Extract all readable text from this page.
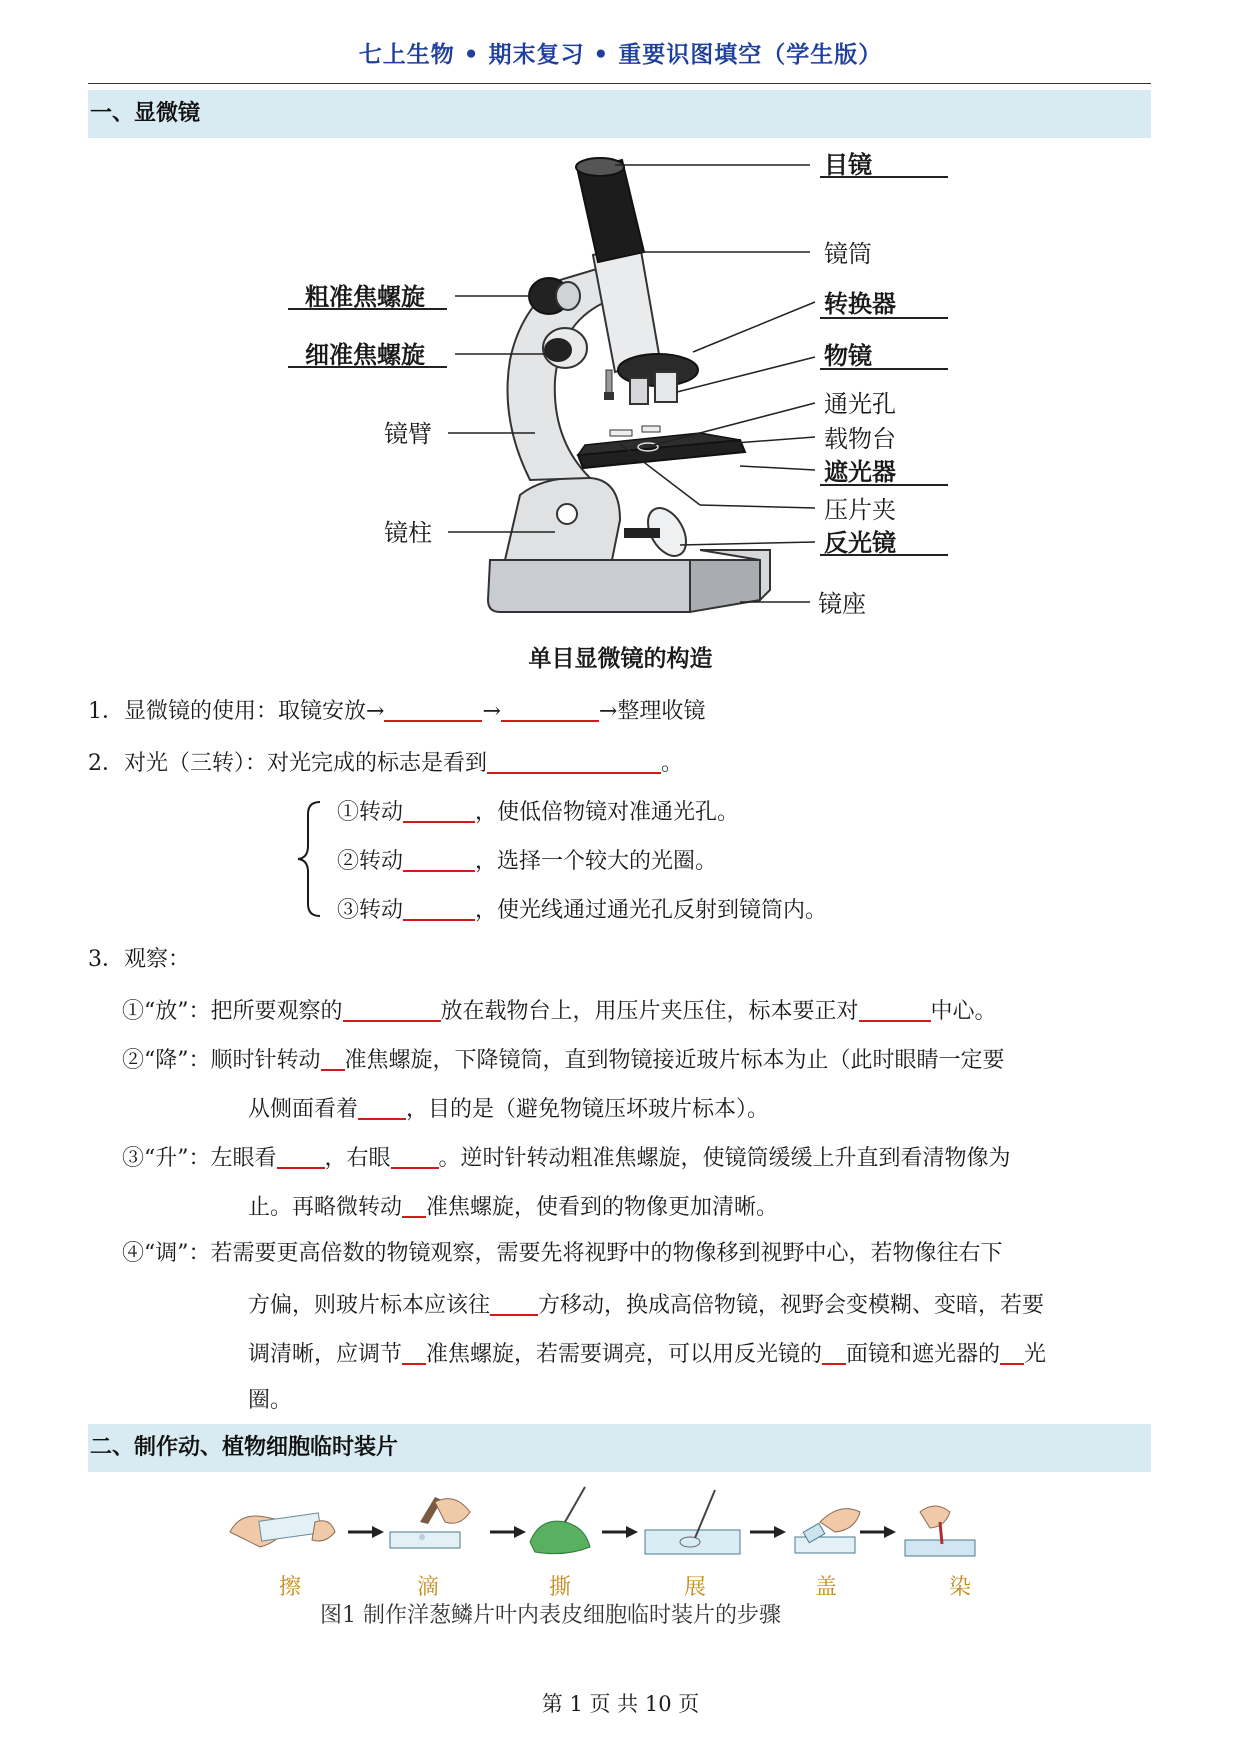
七上生物 • 期末复习 • 重要识图填空（学生版）
一、显微镜
目镜
镜筒
转换器
物镜
通光孔
载物台
遮光器
压片夹
反光镜
镜座
粗准焦螺旋
细准焦螺旋
镜臂
镜柱
单目显微镜的构造
1．显微镜的使用：取镜安放→	→	→整理收镜
2．对光（三转）：对光完成的标志是看到	。
①转动	，使低倍物镜对准通光孔。
②转动	，选择一个较大的光圈。
③转动	，使光线通过通光孔反射到镜筒内。
3．观察：
①“放”：把所要观察的	放在载物台上，用压片夹压住，标本要正对	中心。
②“降”：顺时针转动 准焦螺旋，下降镜筒，直到物镜接近玻片标本为止（此时眼睛一定要
从侧面看着 ，目的是（避免物镜压坏玻片标本）。
③“升”：左眼看 ，右眼 。逆时针转动粗准焦螺旋，使镜筒缓缓上升直到看清物像为
止。再略微转动 准焦螺旋，使看到的物像更加清晰。
④“调”：若需要更高倍数的物镜观察，需要先将视野中的物像移到视野中心，若物像往右下
方偏，则玻片标本应该往 方移动，换成高倍物镜，视野会变模糊、变暗，若要
调清晰，应调节 准焦螺旋，若需要调亮，可以用反光镜的 面镜和遮光器的 光
圈。
二、制作动、植物细胞临时装片
擦	滴	撕	展	盖	染
图1 制作洋葱鳞片叶内表皮细胞临时装片的步骤
第 1 页 共 10 页
